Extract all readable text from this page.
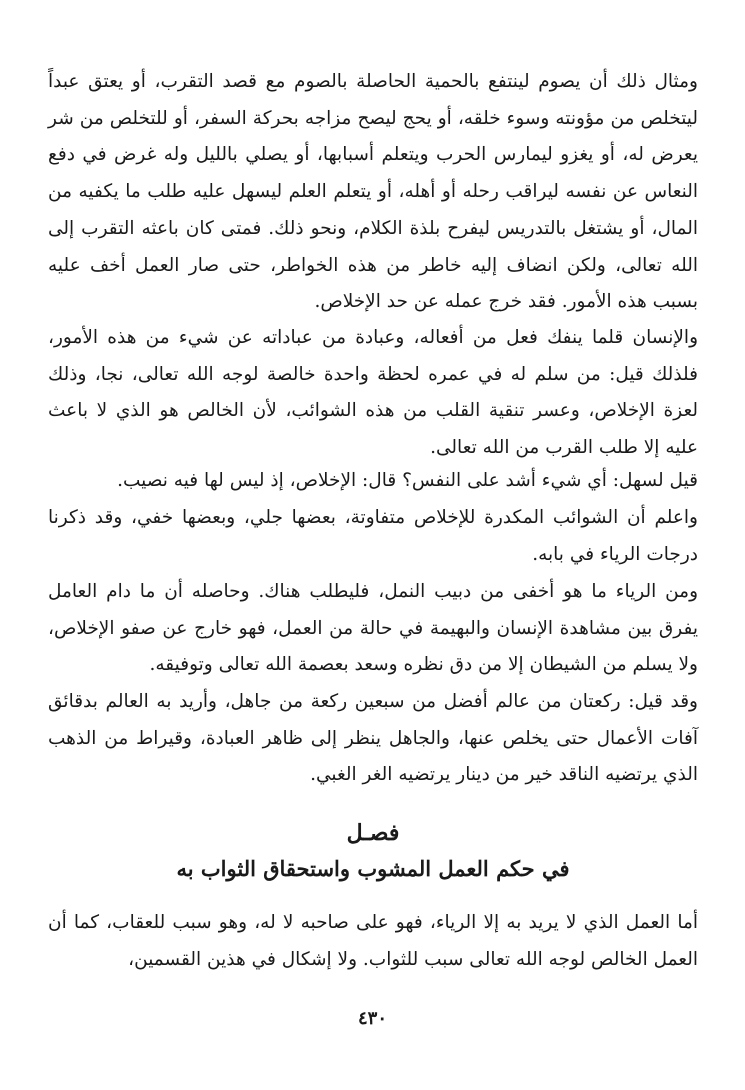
ومثال ذلك أن يصوم لينتفع بالحمية الحاصلة بالصوم مع قصد التقرب، أو يعتق عبداً ليتخلص من مؤونته وسوء خلقه، أو يحج ليصح مزاجه بحركة السفر، أو للتخلص من شر يعرض له، أو يغزو ليمارس الحرب ويتعلم أسبابها، أو يصلي بالليل وله غرض في دفع النعاس عن نفسه ليراقب رحله أو أهله، أو يتعلم العلم ليسهل عليه طلب ما يكفيه من المال، أو يشتغل بالتدريس ليفرح بلذة الكلام، ونحو ذلك. فمتى كان باعثه التقرب إلى الله تعالى، ولكن انضاف إليه خاطر من هذه الخواطر، حتى صار العمل أخف عليه بسبب هذه الأمور. فقد خرج عمله عن حد الإخلاص.

والإنسان قلما ينفك فعل من أفعاله، وعبادة من عباداته عن شيء من هذه الأمور، فلذلك قيل: من سلم له في عمره لحظة واحدة خالصة لوجه الله تعالى، نجا، وذلك لعزة الإخلاص، وعسر تنقية القلب من هذه الشوائب، لأن الخالص هو الذي لا باعث عليه إلا طلب القرب من الله تعالى.

قيل لسهل: أي شيء أشد على النفس؟ قال: الإخلاص، إذ ليس لها فيه نصيب.

واعلم أن الشوائب المكدرة للإخلاص متفاوتة، بعضها جلي، وبعضها خفي، وقد ذكرنا درجات الرياء في بابه.

ومن الرياء ما هو أخفى من دبيب النمل، فليطلب هناك. وحاصله أن ما دام العامل يفرق بين مشاهدة الإنسان والبهيمة في حالة من العمل، فهو خارج عن صفو الإخلاص، ولا يسلم من الشيطان إلا من دق نظره وسعد بعصمة الله تعالى وتوفيقه.

وقد قيل: ركعتان من عالم أفضل من سبعين ركعة من جاهل، وأريد به العالم بدقائق آفات الأعمال حتى يخلص عنها، والجاهل ينظر إلى ظاهر العبادة، وقيراط من الذهب الذي يرتضيه الناقد خير من دينار يرتضيه الغر الغبي.

فصـل
في حكم العمل المشوب واستحقاق الثواب به

أما العمل الذي لا يريد به إلا الرياء، فهو على صاحبه لا له، وهو سبب للعقاب، كما أن العمل الخالص لوجه الله تعالى سبب للثواب. ولا إشكال في هذين القسمين،

٤٣٠
